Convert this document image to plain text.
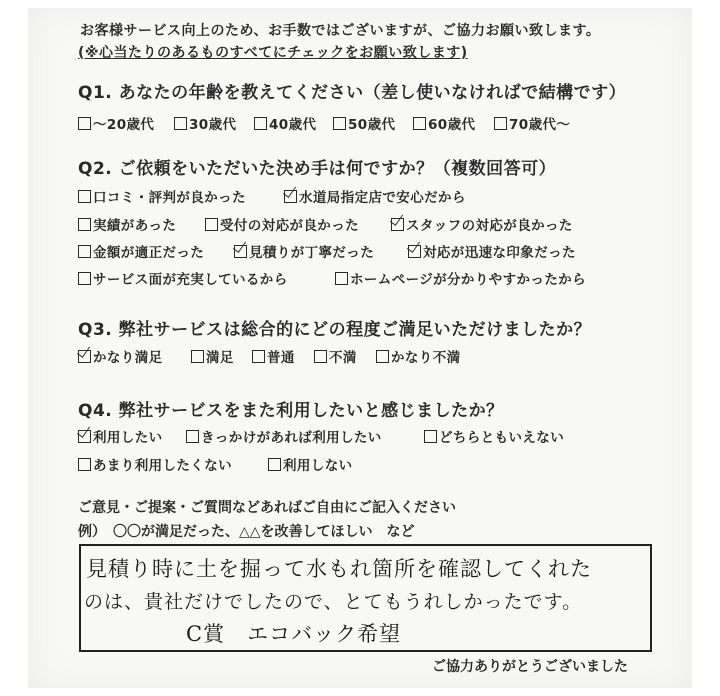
お客様サービス向上のため、お手数ではございますが、ご協力お願い致します。
(※心当たりのあるものすべてにチェックをお願い致します)
Q1. あなたの年齢を教えてください（差し使いなければで結構です）
〜20歳代	30歳代	40歳代	50歳代	60歳代	70歳代〜
Q2. ご依頼をいただいた決め手は何ですか？（複数回答可）
口コミ・評判が良かった	水道局指定店で安心だから
実績があった	受付の対応が良かった	スタッフの対応が良かった
金額が適正だった	見積りが丁寧だった	対応が迅速な印象だった
サービス面が充実しているから	ホームページが分かりやすかったから
Q3. 弊社サービスは総合的にどの程度ご満足いただけましたか？
かなり満足	満足	普通	不満	かなり不満
Q4. 弊社サービスをまた利用したいと感じましたか？
利用したい	きっかけがあれば利用したい	どちらともいえない
あまり利用したくない	利用しない
ご意見・ご提案・ご質問などあればご自由にご記入ください
例）　〇〇が満足だった、△△を改善してほしい　など
見積り時に土を掘って水もれ箇所を確認してくれた
のは、貴社だけでしたので、とてもうれしかったです。
C賞　エコバック希望
ご協力ありがとうございました
